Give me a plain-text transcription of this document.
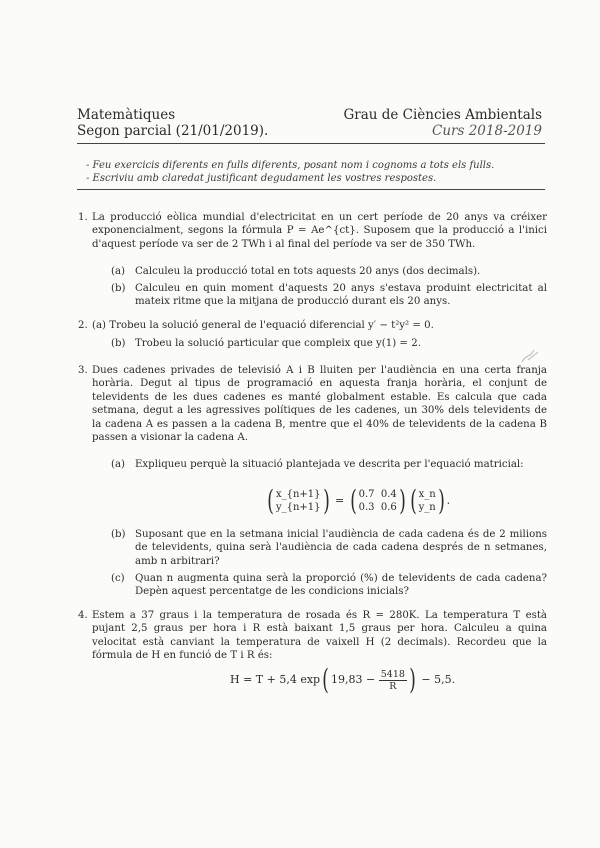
Matemàtiques
Segon parcial (21/01/2019).
Grau de Ciències Ambientals
Curs 2018-2019
- Feu exercicis diferents en fulls diferents, posant nom i cognoms a tots els fulls.
- Escriviu amb claredat justificant degudament les vostres respostes.
1. La producció eòlica mundial d'electricitat en un cert període de 20 anys va créixer exponencialment, segons la fórmula P = Ae^{ct}. Suposem que la producció a l'inici d'aquest període va ser de 2 TWh i al final del període va ser de 350 TWh.
(a) Calculeu la producció total en tots aquests 20 anys (dos decimals).
(b) Calculeu en quin moment d'aquests 20 anys s'estava produint electricitat al mateix ritme que la mitjana de producció durant els 20 anys.
2. (a) Trobeu la solució general de l'equació diferencial y′ − t²y² = 0.
(b) Trobeu la solució particular que compleix que y(1) = 2.
3. Dues cadenes privades de televisió A i B lluiten per l'audiència en una certa franja horària. Degut al tipus de programació en aquesta franja horària, el conjunt de televidents de les dues cadenes es manté globalment estable. Es calcula que cada setmana, degut a les agressives polítiques de les cadenes, un 30% dels televidents de la cadena A es passen a la cadena B, mentre que el 40% de televidents de la cadena B passen a visionar la cadena A.
(a) Expliqueu perquè la situació plantejada ve descrita per l'equació matricial:
( x_{n+1}
y_{n+1} ) = ( 0.7 0.4
0.3 0.6 ) ( x_n
y_n ) .
(b) Suposant que en la setmana inicial l'audiència de cada cadena és de 2 milions de televidents, quina serà l'audiència de cada cadena després de n setmanes, amb n arbitrari?
(c) Quan n augmenta quina serà la proporció (%) de televidents de cada cadena? Depèn aquest percentatge de les condicions inicials?
4. Estem a 37 graus i la temperatura de rosada és R = 280K. La temperatura T està pujant 2,5 graus per hora i R està baixant 1,5 graus per hora. Calculeu a quina velocitat està canviant la temperatura de vaixell H (2 decimals). Recordeu que la fórmula de H en funció de T i R és:
H = T + 5,4 exp( $19,83 - \frac{5418}{R}$ ) − 5,5.
